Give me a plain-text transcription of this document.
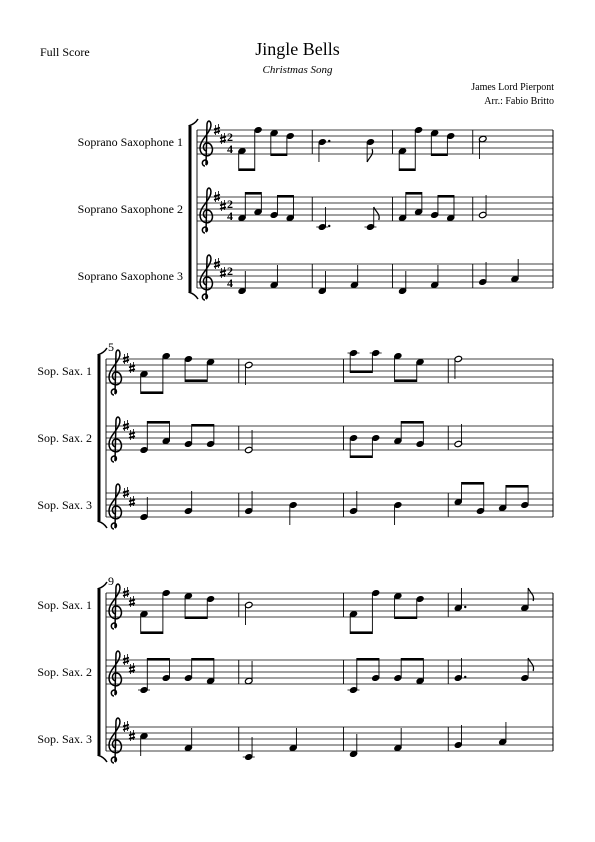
Full Score	Jingle Bells
Christmas Song
James Lord Pierpont
Arr.: Fabio Britto
Soprano Saxophone 1	2
4
Soprano Saxophone 2	2
4
Soprano Saxophone 3	2
4
5
Sop. Sax. 1
Sop. Sax. 2
Sop. Sax. 3
9
Sop. Sax. 1
Sop. Sax. 2
Sop. Sax. 3
